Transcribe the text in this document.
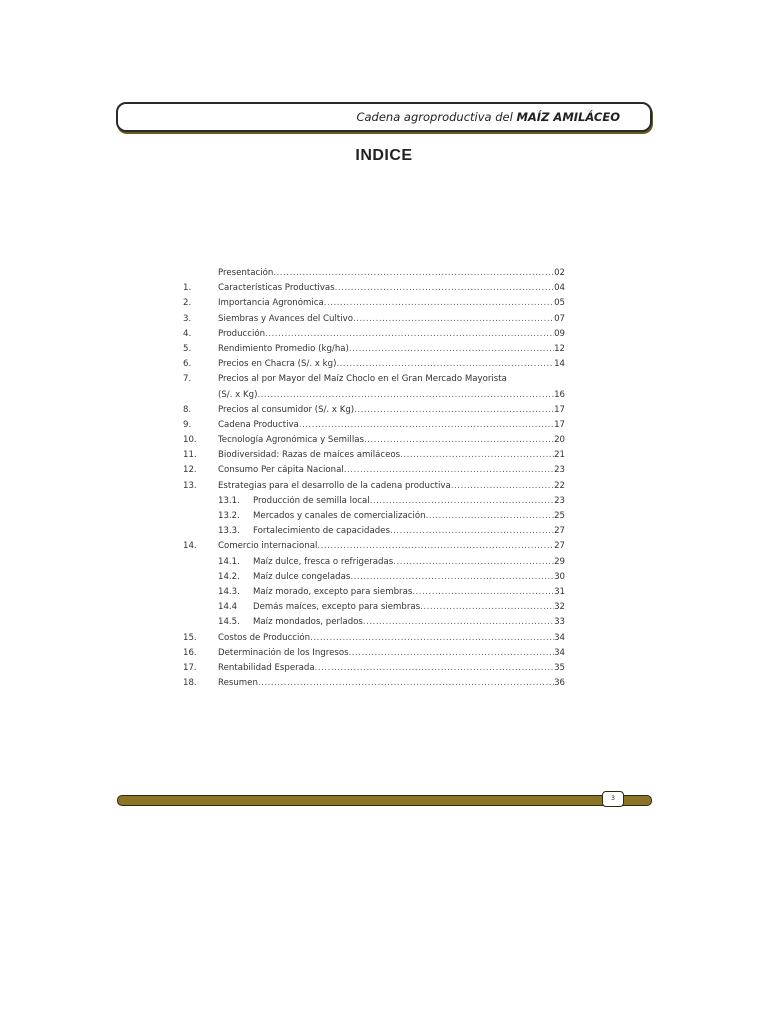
Cadena agroproductiva del MAÍZ AMILÁCEO
INDICE
Presentación .....	02
1.	Características Productivas .....	04
2.	Importancia Agronómica .....	05
3.	Siembras y Avances del Cultivo .....	07
4.	Producción .....	09
5.	Rendimiento Promedio (kg/ha) .....	12
6.	Precios en Chacra (S/. x kg) .....	14
7.	Precios al por Mayor del Maíz Choclo en el Gran Mercado Mayorista
(S/. x Kg) .....	16
8.	Precios al consumidor (S/. x Kg) .....	17
9.	Cadena Productiva .....	17
10.	Tecnología Agronómica y Semillas .....	20
11.	Biodiversidad: Razas de maíces amiláceos .....	21
12.	Consumo Per cápita Nacional .....	23
13.	Estrategias para el desarrollo de la cadena productiva .....	22
13.1.	Producción de semilla local .....	23
13.2.	Mercados y canales de comercialización .....	25
13.3.	Fortalecimiento de capacidades .....	27
14.	Comercio internacional .....	27
14.1.	Maíz dulce, fresca o refrigeradas .....	29
14.2.	Maíz dulce congeladas .....	30
14.3.	Maíz morado, excepto para siembras .....	31
14.4	Demás maíces, excepto para siembras .....	32
14.5.	Maíz mondados, perlados .....	33
15.	Costos de Producción .....	34
16.	Determinación de los Ingresos .....	34
17.	Rentabilidad Esperada .....	35
18.	Resumen .....	36
3
